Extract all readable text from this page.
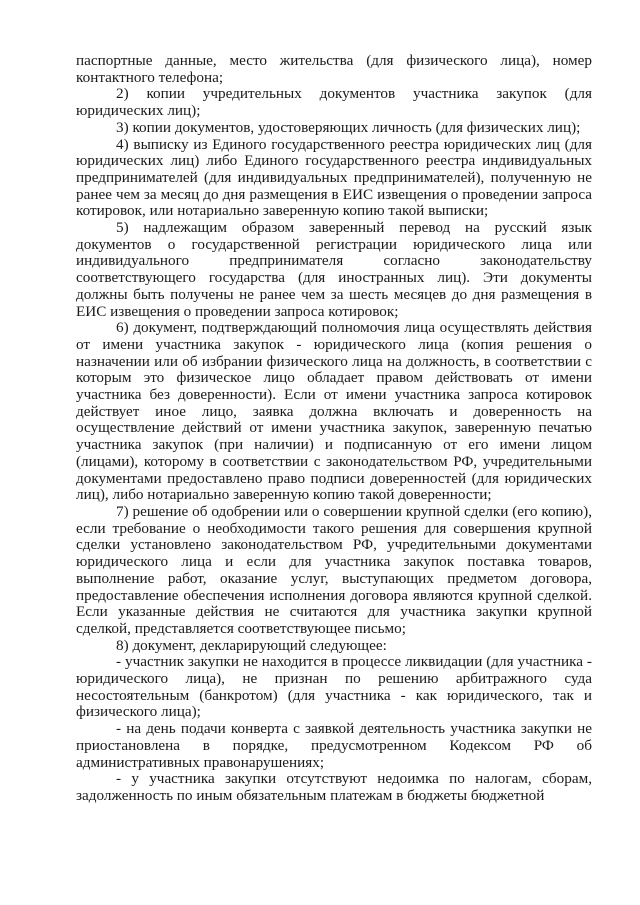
паспортные данные, место жительства (для физического лица), номер контактного телефона;

2) копии учредительных документов участника закупок (для юридических лиц);

3) копии документов, удостоверяющих личность (для физических лиц);

4) выписку из Единого государственного реестра юридических лиц (для юридических лиц) либо Единого государственного реестра индивидуальных предпринимателей (для индивидуальных предпринимателей), полученную не ранее чем за месяц до дня размещения в ЕИС извещения о проведении запроса котировок, или нотариально заверенную копию такой выписки;

5) надлежащим образом заверенный перевод на русский язык документов о государственной регистрации юридического лица или индивидуального предпринимателя согласно законодательству соответствующего государства (для иностранных лиц). Эти документы должны быть получены не ранее чем за шесть месяцев до дня размещения в ЕИС извещения о проведении запроса котировок;

6) документ, подтверждающий полномочия лица осуществлять действия от имени участника закупок - юридического лица (копия решения о назначении или об избрании физического лица на должность, в соответствии с которым это физическое лицо обладает правом действовать от имени участника без доверенности). Если от имени участника запроса котировок действует иное лицо, заявка должна включать и доверенность на осуществление действий от имени участника закупок, заверенную печатью участника закупок (при наличии) и подписанную от его имени лицом (лицами), которому в соответствии с законодательством РФ, учредительными документами предоставлено право подписи доверенностей (для юридических лиц), либо нотариально заверенную копию такой доверенности;

7) решение об одобрении или о совершении крупной сделки (его копию), если требование о необходимости такого решения для совершения крупной сделки установлено законодательством РФ, учредительными документами юридического лица и если для участника закупок поставка товаров, выполнение работ, оказание услуг, выступающих предметом договора, предоставление обеспечения исполнения договора являются крупной сделкой. Если указанные действия не считаются для участника закупки крупной сделкой, представляется соответствующее письмо;

8) документ, декларирующий следующее:

- участник закупки не находится в процессе ликвидации (для участника - юридического лица), не признан по решению арбитражного суда несостоятельным (банкротом) (для участника - как юридического, так и физического лица);

- на день подачи конверта с заявкой деятельность участника закупки не приостановлена в порядке, предусмотренном Кодексом РФ об административных правонарушениях;

- у участника закупки отсутствуют недоимка по налогам, сборам, задолженность по иным обязательным платежам в бюджеты бюджетной
